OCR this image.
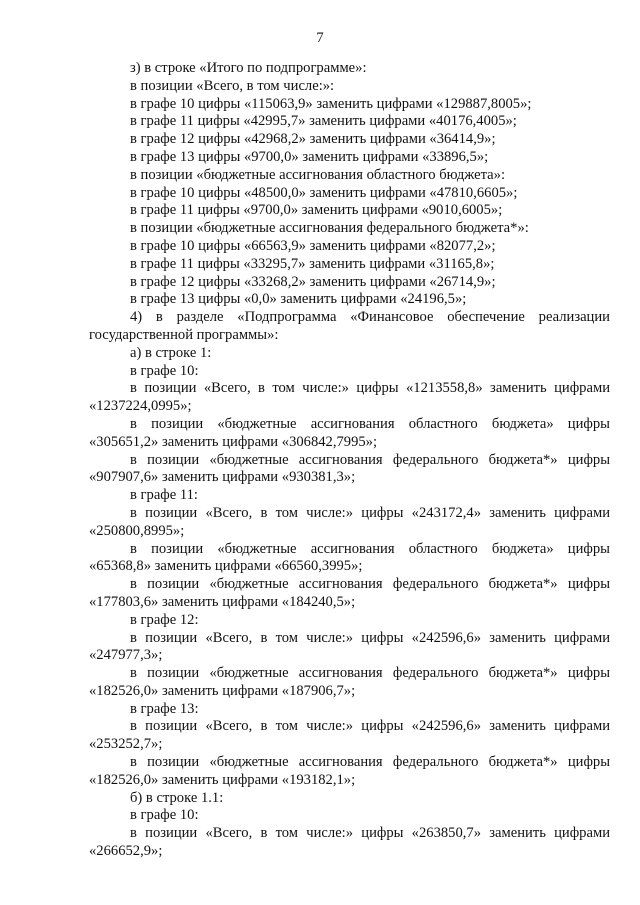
7
з) в строке «Итого по подпрограмме»:
в позиции «Всего, в том числе:»:
в графе 10 цифры «115063,9» заменить цифрами «129887,8005»;
в графе 11 цифры «42995,7» заменить цифрами «40176,4005»;
в графе 12 цифры «42968,2» заменить цифрами «36414,9»;
в графе 13 цифры «9700,0» заменить цифрами «33896,5»;
в позиции «бюджетные ассигнования областного бюджета»:
в графе 10 цифры «48500,0» заменить цифрами «47810,6605»;
в графе 11 цифры «9700,0» заменить цифрами «9010,6005»;
в позиции «бюджетные ассигнования федерального бюджета*»:
в графе 10 цифры «66563,9» заменить цифрами «82077,2»;
в графе 11 цифры «33295,7» заменить цифрами «31165,8»;
в графе 12 цифры «33268,2» заменить цифрами «26714,9»;
в графе 13 цифры «0,0» заменить цифрами «24196,5»;
4) в разделе «Подпрограмма «Финансовое обеспечение реализации
государственной программы»:
а) в строке 1:
в графе 10:
в позиции «Всего, в том числе:» цифры «1213558,8» заменить цифрами
«1237224,0995»;
в позиции «бюджетные ассигнования областного бюджета» цифры
«305651,2» заменить цифрами «306842,7995»;
в позиции «бюджетные ассигнования федерального бюджета*» цифры
«907907,6» заменить цифрами «930381,3»;
в графе 11:
в позиции «Всего, в том числе:» цифры «243172,4» заменить цифрами
«250800,8995»;
в позиции «бюджетные ассигнования областного бюджета» цифры
«65368,8» заменить цифрами «66560,3995»;
в позиции «бюджетные ассигнования федерального бюджета*» цифры
«177803,6» заменить цифрами «184240,5»;
в графе 12:
в позиции «Всего, в том числе:» цифры «242596,6» заменить цифрами
«247977,3»;
в позиции «бюджетные ассигнования федерального бюджета*» цифры
«182526,0» заменить цифрами «187906,7»;
в графе 13:
в позиции «Всего, в том числе:» цифры «242596,6» заменить цифрами
«253252,7»;
в позиции «бюджетные ассигнования федерального бюджета*» цифры
«182526,0» заменить цифрами «193182,1»;
б) в строке 1.1:
в графе 10:
в позиции «Всего, в том числе:» цифры «263850,7» заменить цифрами
«266652,9»;
